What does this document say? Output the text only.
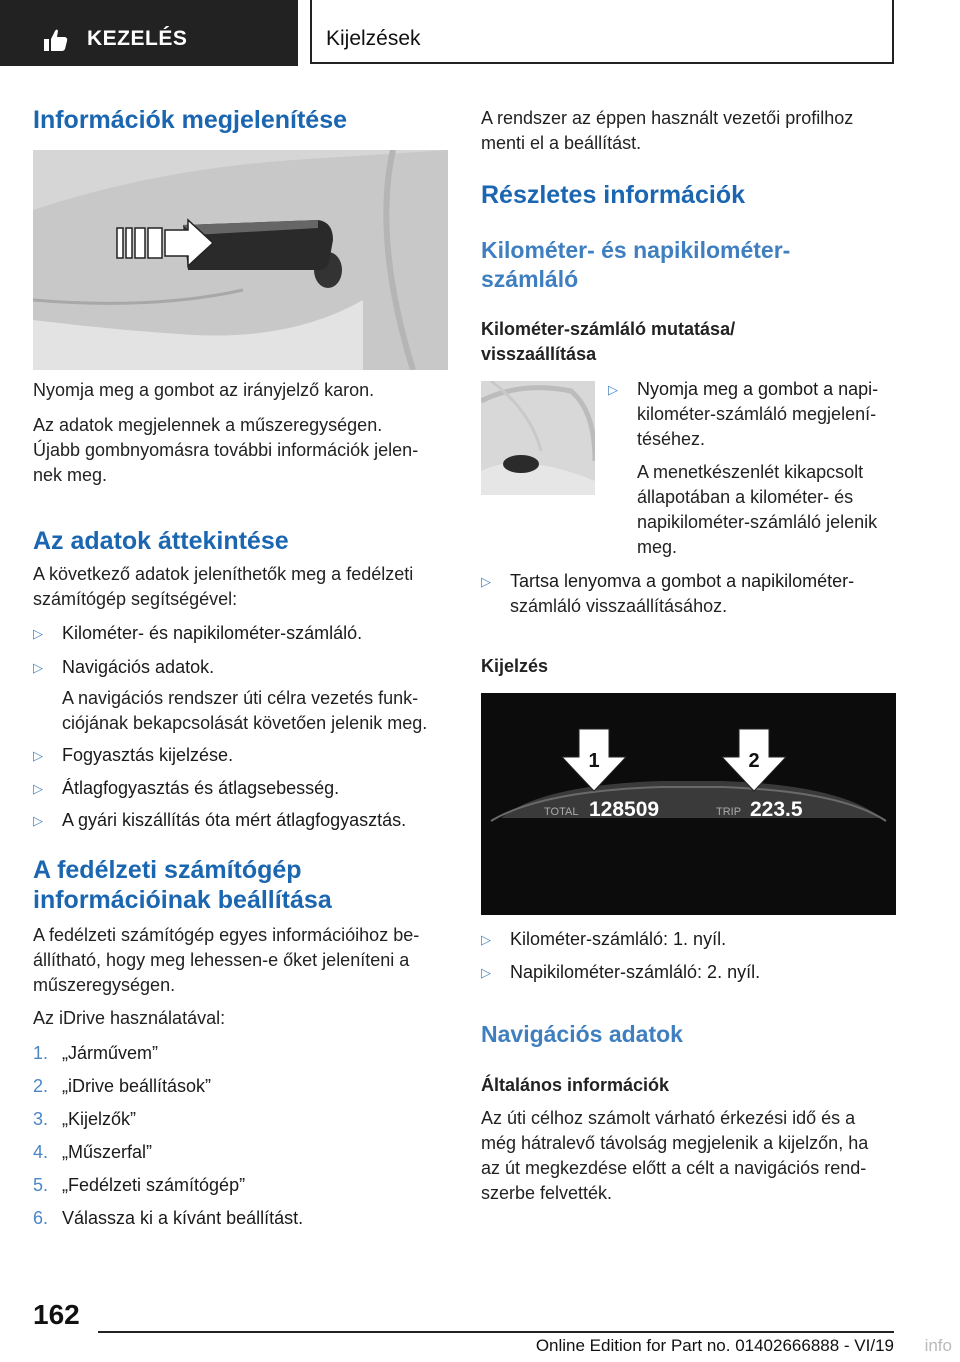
KEZELÉS	Kijelzések
Információk megjelenítése

Nyomja meg a gombot az irányjelző karon.

Az adatok megjelennek a műszeregységen.

Újabb gombnyomásra további információk jelen-

nek meg.

Az adatok áttekintése

A következő adatok jeleníthetők meg a fedélzeti

számítógép segítségével:

▷ Kilométer- és napikilométer-számláló.
▷ Navigációs adatok.

A navigációs rendszer úti célra vezetés funk-

ciójának bekapcsolását követően jelenik meg.

▷ Fogyasztás kijelzése.
▷ Átlagfogyasztás és átlagsebesség.
▷ A gyári kiszállítás óta mért átlagfogyasztás.
A fedélzeti számítógép
információinak beállítása

A fedélzeti számítógép egyes információihoz be-

állítható, hogy meg lehessen-e őket jeleníteni a

műszeregységen.

Az iDrive használatával:

1. „Járművem”
2. „iDrive beállítások”
3. „Kijelzők”
4. „Műszerfal”
5. „Fedélzeti számítógép”
6. Válassza ki a kívánt beállítást.

A rendszer az éppen használt vezetői profilhoz

menti el a beállítást.

Részletes információk
Kilométer- és napikilométer-
számláló
Kilométer-számláló mutatása/
visszaállítása
▷ Nyomja meg a gombot a napi-

kilométer-számláló megjelení-

téséhez.

A menetkészenlét kikapcsolt

állapotában a kilométer- és

napikilométer-számláló jelenik

meg.

▷ Tartsa lenyomva a gombot a napikilométer-

számláló visszaállításához.

Kijelzés
1	2
TOTAL 128509	TRIP 223.5
▷ Kilométer-számláló: 1. nyíl.
▷ Napikilométer-számláló: 2. nyíl.
Navigációs adatok
Általános információk

Az úti célhoz számolt várható érkezési idő és a

még hátralevő távolság megjelenik a kijelzőn, ha

az út megkezdése előtt a célt a navigációs rend-

szerbe felvették.

162
Online Edition for Part no. 01402666888 - VI/19 info
